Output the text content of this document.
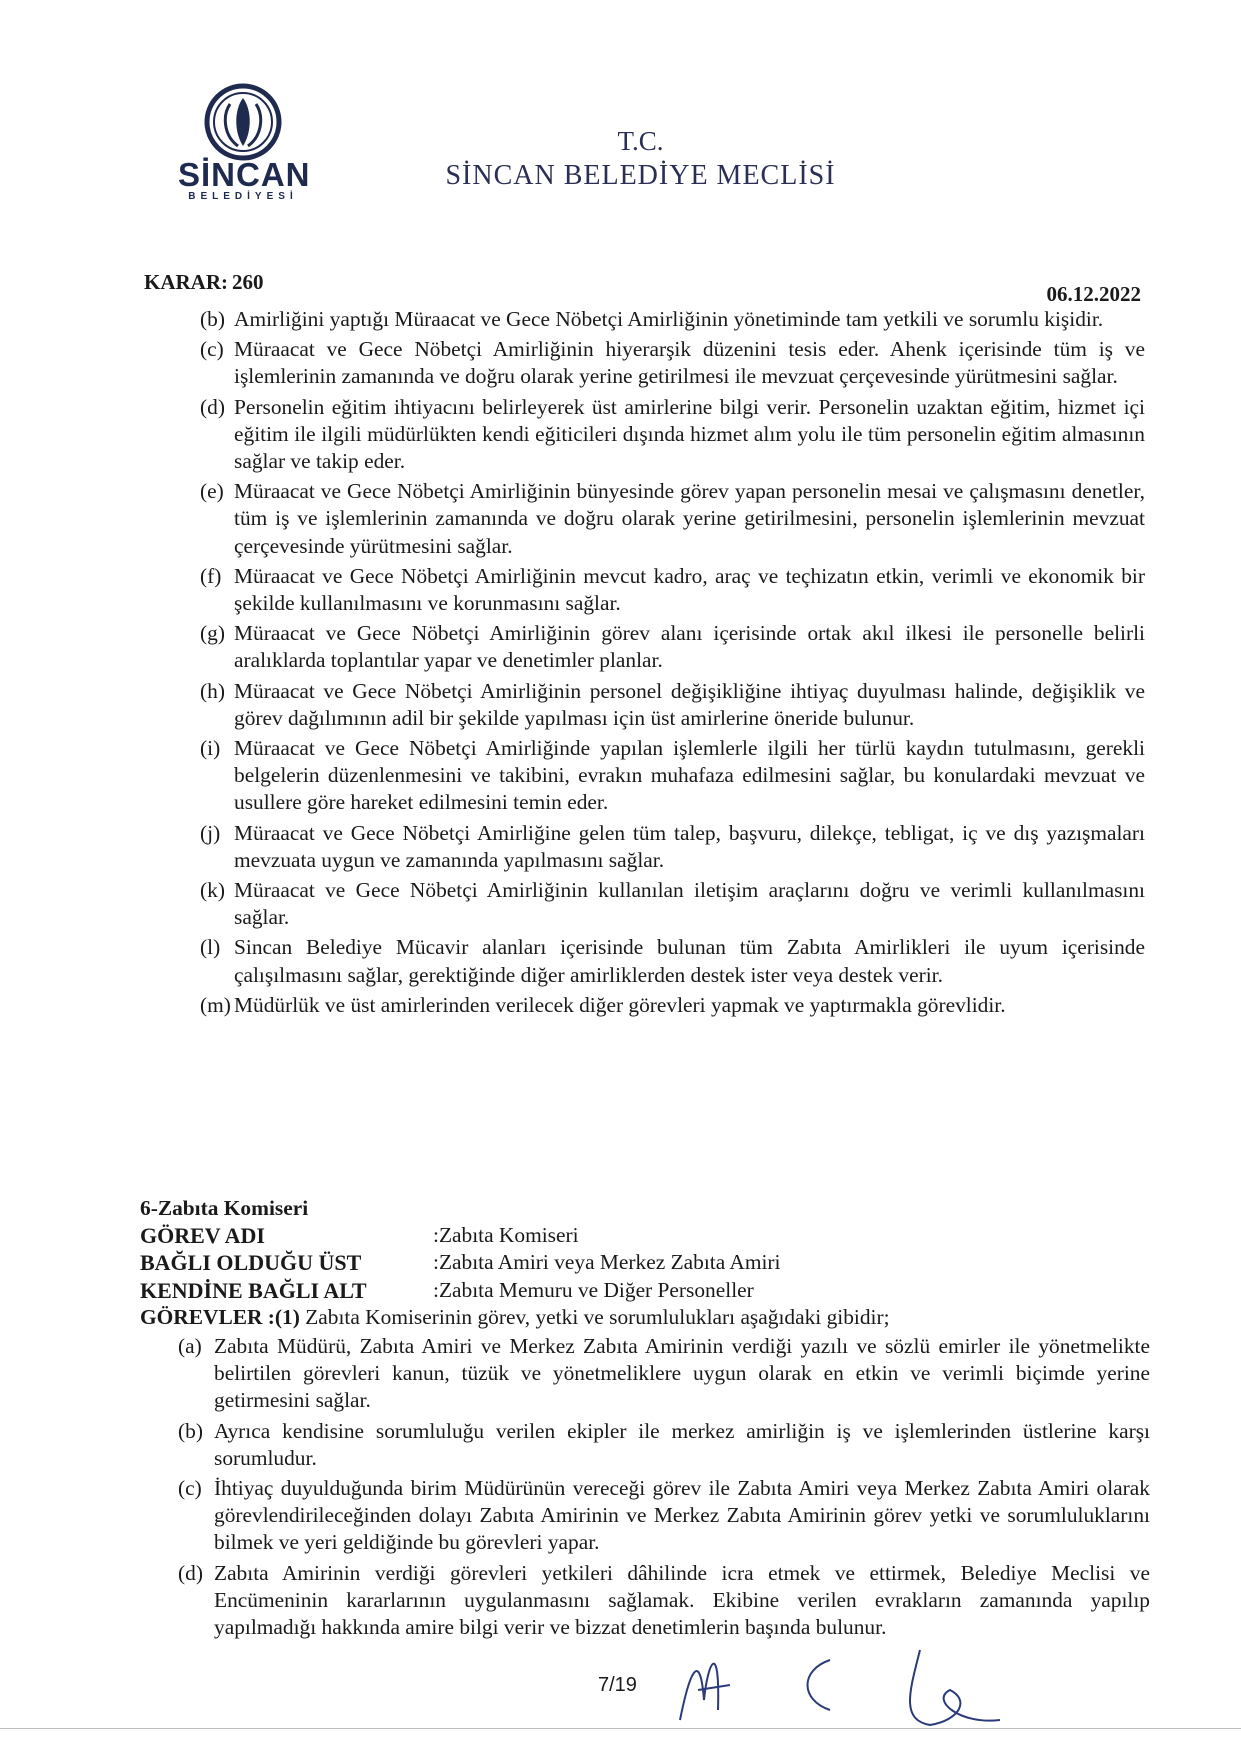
SİNCAN
BELEDİYESİ
T.C.
SİNCAN BELEDİYE MECLİSİ
KARAR: 260	06.12.2022
(b) Amirliğini yaptığı Müraacat ve Gece Nöbetçi Amirliğinin yönetiminde tam yetkili ve sorumlu kişidir.
(c) Müraacat ve Gece Nöbetçi Amirliğinin hiyerarşik düzenini tesis eder. Ahenk içerisinde tüm iş ve işlemlerinin zamanında ve doğru olarak yerine getirilmesi ile mevzuat çerçevesinde yürütmesini sağlar.
(d) Personelin eğitim ihtiyacını belirleyerek üst amirlerine bilgi verir. Personelin uzaktan eğitim, hizmet içi eğitim ile ilgili müdürlükten kendi eğiticileri dışında hizmet alım yolu ile tüm personelin eğitim almasının sağlar ve takip eder.
(e) Müraacat ve Gece Nöbetçi Amirliğinin bünyesinde görev yapan personelin mesai ve çalışmasını denetler, tüm iş ve işlemlerinin zamanında ve doğru olarak yerine getirilmesini, personelin işlemlerinin mevzuat çerçevesinde yürütmesini sağlar.
(f) Müraacat ve Gece Nöbetçi Amirliğinin mevcut kadro, araç ve teçhizatın etkin, verimli ve ekonomik bir şekilde kullanılmasını ve korunmasını sağlar.
(g) Müraacat ve Gece Nöbetçi Amirliğinin görev alanı içerisinde ortak akıl ilkesi ile personelle belirli aralıklarda toplantılar yapar ve denetimler planlar.
(h) Müraacat ve Gece Nöbetçi Amirliğinin personel değişikliğine ihtiyaç duyulması halinde, değişiklik ve görev dağılımının adil bir şekilde yapılması için üst amirlerine öneride bulunur.
(i) Müraacat ve Gece Nöbetçi Amirliğinde yapılan işlemlerle ilgili her türlü kaydın tutulmasını, gerekli belgelerin düzenlenmesini ve takibini, evrakın muhafaza edilmesini sağlar, bu konulardaki mevzuat ve usullere göre hareket edilmesini temin eder.
(j) Müraacat ve Gece Nöbetçi Amirliğine gelen tüm talep, başvuru, dilekçe, tebligat, iç ve dış yazışmaları mevzuata uygun ve zamanında yapılmasını sağlar.
(k) Müraacat ve Gece Nöbetçi Amirliğinin kullanılan iletişim araçlarını doğru ve verimli kullanılmasını sağlar.
(l) Sincan Belediye Mücavir alanları içerisinde bulunan tüm Zabıta Amirlikleri ile uyum içerisinde çalışılmasını sağlar, gerektiğinde diğer amirliklerden destek ister veya destek verir.
(m) Müdürlük ve üst amirlerinden verilecek diğer görevleri yapmak ve yaptırmakla görevlidir.
6-Zabıta Komiseri
GÖREV ADI	:Zabıta Komiseri
BAĞLI OLDUĞU ÜST	:Zabıta Amiri veya Merkez Zabıta Amiri
KENDİNE BAĞLI ALT	:Zabıta Memuru ve Diğer Personeller
GÖREVLER :(1) Zabıta Komiserinin görev, yetki ve sorumlulukları aşağıdaki gibidir;
(a) Zabıta Müdürü, Zabıta Amiri ve Merkez Zabıta Amirinin verdiği yazılı ve sözlü emirler ile yönetmelikte belirtilen görevleri kanun, tüzük ve yönetmeliklere uygun olarak en etkin ve verimli biçimde yerine getirmesini sağlar.
(b) Ayrıca kendisine sorumluluğu verilen ekipler ile merkez amirliğin iş ve işlemlerinden üstlerine karşı sorumludur.
(c) İhtiyaç duyulduğunda birim Müdürünün vereceği görev ile Zabıta Amiri veya Merkez Zabıta Amiri olarak görevlendirileceğinden dolayı Zabıta Amirinin ve Merkez Zabıta Amirinin görev yetki ve sorumluluklarını bilmek ve yeri geldiğinde bu görevleri yapar.
(d) Zabıta Amirinin verdiği görevleri yetkileri dâhilinde icra etmek ve ettirmek, Belediye Meclisi ve Encümeninin kararlarının uygulanmasını sağlamak. Ekibine verilen evrakların zamanında yapılıp yapılmadığı hakkında amire bilgi verir ve bizzat denetimlerin başında bulunur.
7/19
